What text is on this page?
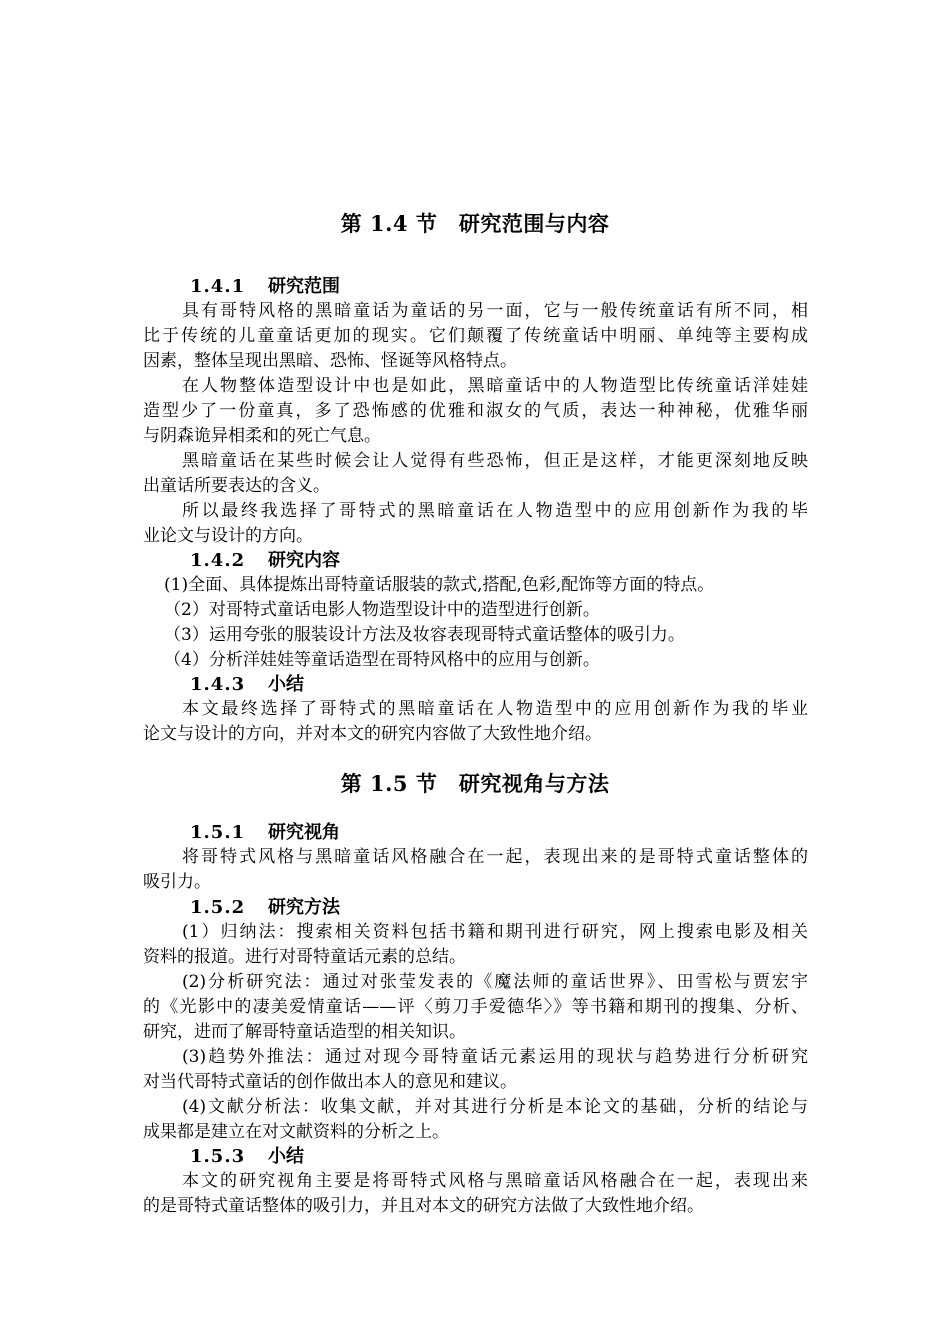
第 1.4 节　研究范围与内容
1.4.1 研究范围
具有哥特风格的黑暗童话为童话的另一面，它与一般传统童话有所不同，相
比于传统的儿童童话更加的现实。它们颠覆了传统童话中明丽、单纯等主要构成
因素，整体呈现出黑暗、恐怖、怪诞等风格特点。
在人物整体造型设计中也是如此，黑暗童话中的人物造型比传统童话洋娃娃
造型少了一份童真，多了恐怖感的优雅和淑女的气质，表达一种神秘，优雅华丽
与阴森诡异相柔和的死亡气息。
黑暗童话在某些时候会让人觉得有些恐怖，但正是这样，才能更深刻地反映
出童话所要表达的含义。
所以最终我选择了哥特式的黑暗童话在人物造型中的应用创新作为我的毕
业论文与设计的方向。
1.4.2 研究内容
(1)全面、具体提炼出哥特童话服装的款式,搭配,色彩,配饰等方面的特点。
（2）对哥特式童话电影人物造型设计中的造型进行创新。
（3）运用夸张的服装设计方法及妆容表现哥特式童话整体的吸引力。
（4）分析洋娃娃等童话造型在哥特风格中的应用与创新。
1.4.3 小结
本文最终选择了哥特式的黑暗童话在人物造型中的应用创新作为我的毕业
论文与设计的方向，并对本文的研究内容做了大致性地介绍。
第 1.5 节　研究视角与方法
1.5.1 研究视角
将哥特式风格与黑暗童话风格融合在一起，表现出来的是哥特式童话整体的
吸引力。
1.5.2 研究方法
(1）归纳法：搜索相关资料包括书籍和期刊进行研究，网上搜索电影及相关
资料的报道。进行对哥特童话元素的总结。
(2)分析研究法：通过对张莹发表的《魔法师的童话世界》、田雪松与贾宏宇
的《光影中的凄美爱情童话——评〈剪刀手爱德华〉》等书籍和期刊的搜集、分析、
研究，进而了解哥特童话造型的相关知识。
(3)趋势外推法：通过对现今哥特童话元素运用的现状与趋势进行分析研究
对当代哥特式童话的创作做出本人的意见和建议。
(4)文献分析法：收集文献，并对其进行分析是本论文的基础，分析的结论与
成果都是建立在对文献资料的分析之上。
1.5.3 小结
本文的研究视角主要是将哥特式风格与黑暗童话风格融合在一起，表现出来
的是哥特式童话整体的吸引力，并且对本文的研究方法做了大致性地介绍。
